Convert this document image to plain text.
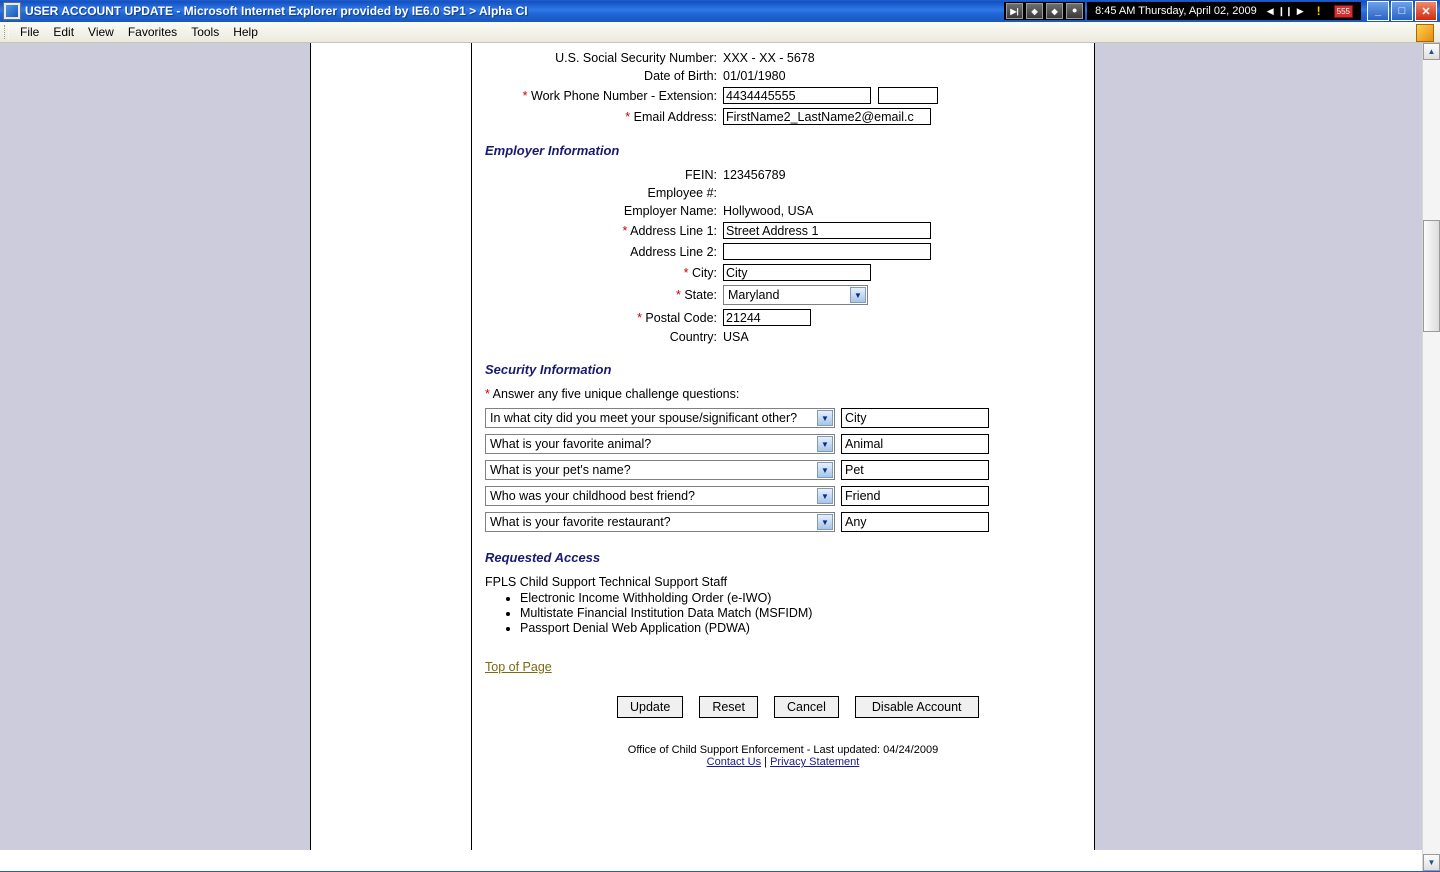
USER ACCOUNT UPDATE - Microsoft Internet Explorer provided by IE6.0 SP1 > Alpha CI	▶|	◈	◆	⏺	8:45 AM Thursday, April 02, 2009 ◀ ❙❙ ▶ !	555	_	□	✕
File	Edit	View	Favorites	Tools	Help
U.S. Social Security Number: XXX - XX - 5678
Date of Birth: 01/01/1980
* Work Phone Number - Extension:
4434445555
* Email Address:
FirstName2_LastName2@email.c
Employer Information
FEIN: 123456789
Employee #:
Employer Name: Hollywood, USA
* Address Line 1:
Street Address 1
Address Line 2:
* City:
City
* State: Maryland	▼
* Postal Code:
21244
Country: USA
Security Information
* Answer any five unique challenge questions:
In what city did you meet your spouse/significant other?	▼
City
What is your favorite animal?	▼
Animal
What is your pet's name?	▼
Pet
Who was your childhood best friend?	▼
Friend
What is your favorite restaurant?	▼
Any
Requested Access
FPLS Child Support Technical Support Staff
• Electronic Income Withholding Order (e-IWO)
• Multistate Financial Institution Data Match (MSFIDM)
• Passport Denial Web Application (PDWA)
Top of Page
Update	Reset	Cancel	Disable Account
Office of Child Support Enforcement - Last updated: 04/24/2009
Contact Us | Privacy Statement
▲
▼
